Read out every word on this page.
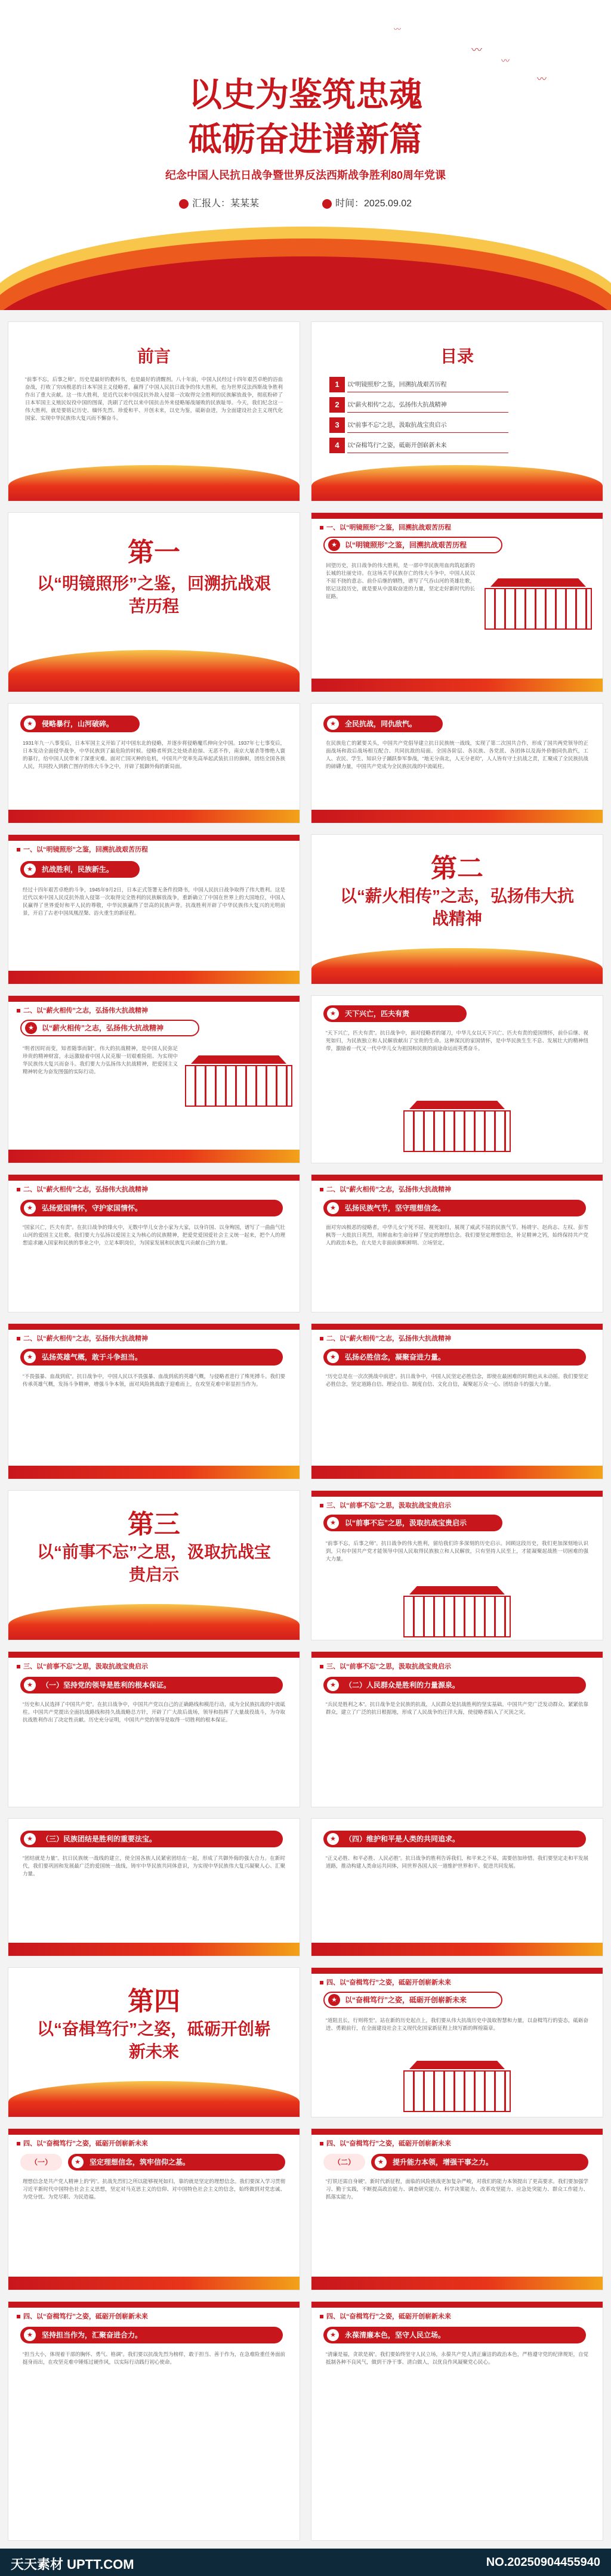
〰
〰
〰
〰
以史为鉴筑忠魂
砥砺奋进谱新篇
纪念中国人民抗日战争暨世界反法西斯战争胜利80周年党课
汇报人：某某某	时间：2025.09.02
前言
“前事不忘，后事之师”。历史是最好的教科书，也是最好的清醒剂。八十年前，中国人民经过十四年艰苦卓绝的浴血奋战，打败了穷凶极恶的日本军国主义侵略者，赢得了中国人民抗日战争的伟大胜利，也为世界反法西斯战争胜利作出了重大贡献。这一伟大胜利，是近代以来中国反抗外敌入侵第一次取得完全胜利的民族解放战争，彻底粉碎了日本军国主义殖民奴役中国的图谋，洗刷了近代以来中国抗击外来侵略屡战屡败的民族耻辱。今天，我们纪念这一伟大胜利，就是要铭记历史、缅怀先烈、珍爱和平、开创未来，以史为鉴，砥砺奋进，为全面建设社会主义现代化国家、实现中华民族伟大复兴而不懈奋斗。
目录
1	以“明镜照形”之鉴，回溯抗战艰苦历程
2	以“薪火相传”之志，弘扬伟大抗战精神
3	以“前事不忘”之思，汲取抗战宝贵启示
4	以“奋楫笃行”之姿，砥砺开创崭新未来
第一
以“明镜照形”之鉴，回溯抗战艰苦历程
一、以“明镜照形”之鉴，回溯抗战艰苦历程
★	以“明镜照形”之鉴，回溯抗战艰苦历程
回望历史，抗日战争的伟大胜利，是一部中华民族用血肉筑起新的长城的壮丽史诗。在这场关乎民族存亡的伟大斗争中，中国人民以不屈不挠的意志、前仆后继的牺牲，谱写了气吞山河的英雄壮歌，铭记这段历史，就是要从中汲取奋进的力量，坚定走好新时代的长征路。
★	侵略暴行，山河破碎。
1931年九一八事变后，日本军国主义开始了对中国东北的侵略，并逐步将侵略魔爪伸向全中国。1937年七七事变后，日本发动全面侵华战争，中华民族到了最危险的时候。侵略者所到之处烧杀抢掠、无恶不作，南京大屠杀等惨绝人寰的暴行，给中国人民带来了深重灾难。面对亡国灭种的危机，中国共产党率先高举起武装抗日的旗帜，团结全国各族人民，共同投入到救亡图存的伟大斗争之中，开辟了抵御外侮的新局面。
★	全民抗战，同仇敌忾。
在民族危亡的紧要关头，中国共产党倡导建立抗日民族统一战线，实现了第二次国共合作，形成了国共两党领导的正面战场和敌后战场相互配合、共同抗敌的局面。全国各阶层、各民族、各党派、各团体以及海外侨胞同仇敌忾，工人、农民、学生、知识分子踊跃参军参战，“地无分南北，人无分老幼”，人人皆有守土抗战之责，汇聚成了全民族抗战的磅礴力量，中国共产党成为全民族抗战的中流砥柱。
一、以“明镜照形”之鉴，回溯抗战艰苦历程
★	抗战胜利，民族新生。
经过十四年艰苦卓绝的斗争，1945年9月2日，日本正式签署无条件投降书，中国人民抗日战争取得了伟大胜利。这是近代以来中国人民反抗外敌入侵第一次取得完全胜利的民族解放战争，重新确立了中国在世界上的大国地位，中国人民赢得了世界爱好和平人民的尊敬，中华民族赢得了崇高的民族声誉。抗战胜利开辟了中华民族伟大复兴的光明前景，开启了古老中国凤凰涅槃、浴火重生的新征程。
第二
以“薪火相传”之志，弘扬伟大抗战精神
二、以“薪火相传”之志，弘扬伟大抗战精神
★	以“薪火相传”之志，弘扬伟大抗战精神
“明者因时而变，知者随事而制”。伟大的抗战精神，是中国人民弥足珍贵的精神财富，永远激励着中国人民克服一切艰难险阻、为实现中华民族伟大复兴而奋斗。我们要大力弘扬伟大抗战精神，把爱国主义精神转化为奋发图强的实际行动。
★	天下兴亡，匹夫有责
“天下兴亡，匹夫有责”。抗日战争中，面对侵略者的屠刀，中华儿女以天下兴亡、匹夫有责的爱国情怀，前仆后继、视死如归，为民族独立和人民解放献出了宝贵的生命。这种深沉的家国情怀，是中华民族生生不息、发展壮大的精神纽带，激励着一代又一代中华儿女为祖国和民族的前途命运而英勇奋斗。
二、以“薪火相传”之志，弘扬伟大抗战精神
★	弘扬爱国情怀，守护家国情怀。
“国家兴亡，匹夫有责”。在抗日战争的烽火中，无数中华儿女舍小家为大家，以身许国、以身殉国，谱写了一曲曲气壮山河的爱国主义壮歌。我们要大力弘扬以爱国主义为核心的民族精神，把爱党爱国爱社会主义统一起来，把个人的理想追求融入国家和民族的事业之中，立足本职岗位，为国家发展和民族复兴贡献自己的力量。
二、以“薪火相传”之志，弘扬伟大抗战精神
★	弘扬民族气节，坚守理想信念。
面对穷凶极恶的侵略者，中华儿女宁死不屈、视死如归，展现了威武不屈的民族气节。杨靖宇、赵尚志、左权、彭雪枫等一大批抗日英烈，用鲜血和生命诠释了坚定的理想信念。我们要坚定理想信念，补足精神之钙，始终保持共产党人的政治本色，在大是大非面前旗帜鲜明、立场坚定。
二、以“薪火相传”之志，弘扬伟大抗战精神
★	弘扬英雄气概，敢于斗争担当。
“不畏强暴、血战到底”。抗日战争中，中国人民以不畏强暴、血战到底的英雄气概，与侵略者进行了殊死搏斗。我们要传承英雄气概，发扬斗争精神，增强斗争本领，面对风险挑战敢于迎难而上，在攻坚克难中彰显担当作为。
二、以“薪火相传”之志，弘扬伟大抗战精神
★	弘扬必胜信念，凝聚奋进力量。
“历史总是在一次次挑战中前进”。抗日战争中，中国人民坚定必胜信念，即使在最困难的时期也从未动摇。我们要坚定必胜信念，坚定道路自信、理论自信、制度自信、文化自信，凝聚起万众一心、团结奋斗的强大力量。
第三
以“前事不忘”之思，汲取抗战宝贵启示
三、以“前事不忘”之思，汲取抗战宝贵启示
★	以“前事不忘”之思，汲取抗战宝贵启示
“前事不忘，后事之师”。抗日战争的伟大胜利，留给我们许多深刻的历史启示。回顾这段历史，我们更加深刻地认识到，只有中国共产党才能领导中国人民取得民族独立和人民解放，只有坚持人民至上，才能凝聚起战胜一切困难的强大力量。
三、以“前事不忘”之思，汲取抗战宝贵启示
★	（一）坚持党的领导是胜利的根本保证。
“历史和人民选择了中国共产党”。在抗日战争中，中国共产党以自己的正确路线和模范行动，成为全民族抗战的中流砥柱。中国共产党提出全面抗战路线和持久战战略总方针，开辟了广大敌后战场，领导和指挥了大量战役战斗，为夺取抗战胜利作出了决定性贡献。历史充分证明，中国共产党的领导是取得一切胜利的根本保证。
三、以“前事不忘”之思，汲取抗战宝贵启示
★	（二）人民群众是胜利的力量源泉。
“兵民是胜利之本”。抗日战争是全民族的抗战，人民群众是抗战胜利的坚实基础。中国共产党广泛发动群众、紧紧依靠群众，建立了广泛的抗日根据地，形成了人民战争的汪洋大海，使侵略者陷入了灭顶之灾。
★	（三）民族团结是胜利的重要法宝。
“团结就是力量”。抗日民族统一战线的建立，使全国各族人民紧密团结在一起，形成了共御外侮的强大合力。在新时代，我们要巩固和发展最广泛的爱国统一战线，铸牢中华民族共同体意识，为实现中华民族伟大复兴凝聚人心、汇聚力量。
★	（四）维护和平是人类的共同追求。
“正义必胜、和平必胜、人民必胜”。抗日战争的胜利告诉我们，和平来之不易，需要倍加珍惜。我们要坚定走和平发展道路，推动构建人类命运共同体，同世界各国人民一道维护世界和平、促进共同发展。
第四
以“奋楫笃行”之姿，砥砺开创崭新未来
四、以“奋楫笃行”之姿，砥砺开创崭新未来
★	以“奋楫笃行”之姿，砥砺开创崭新未来
“道阻且长，行则将至”。站在新的历史起点上，我们要从伟大抗战历史中汲取智慧和力量，以奋楫笃行的姿态，砥砺奋进、勇毅前行，在全面建设社会主义现代化国家新征程上续写新的辉煌篇章。
四、以“奋楫笃行”之姿，砥砺开创崭新未来
（一）	★	坚定理想信念，筑牢信仰之基。
理想信念是共产党人精神上的“钙”。抗战先烈们之所以能够视死如归，靠的就是坚定的理想信念。我们要深入学习贯彻习近平新时代中国特色社会主义思想，坚定对马克思主义的信仰、对中国特色社会主义的信念，始终做到对党忠诚、为党分忧、为党尽职、为民造福。
四、以“奋楫笃行”之姿，砥砺开创崭新未来
（二）	★	提升能力本领，增强干事之力。
“打铁还需自身硬”。新时代新征程，面临的风险挑战更加复杂严峻，对我们的能力本领提出了更高要求。我们要加强学习、勤于实践，不断提高政治能力、调查研究能力、科学决策能力、改革攻坚能力、应急处突能力、群众工作能力、抓落实能力。
四、以“奋楫笃行”之姿，砥砺开创崭新未来
★	坚持担当作为，汇聚奋进合力。
“担当大小，体现着干部的胸怀、勇气、格调”。我们要以抗战先烈为榜样，敢于担当、善于作为，在急难险重任务面前挺身而出，在攻坚克难中锤炼过硬作风，以实际行动践行初心使命。
四、以“奋楫笃行”之姿，砥砺开创崭新未来
★	永葆清廉本色，坚守人民立场。
“清廉是福，贪欲是祸”。我们要始终坚守人民立场，永葆共产党人清正廉洁的政治本色，严格遵守党的纪律规矩，自觉抵制各种不良风气，做到干净干事、清白做人，以优良作风凝聚党心民心。
天天素材 UPTT.COM	NO.20250904455940
